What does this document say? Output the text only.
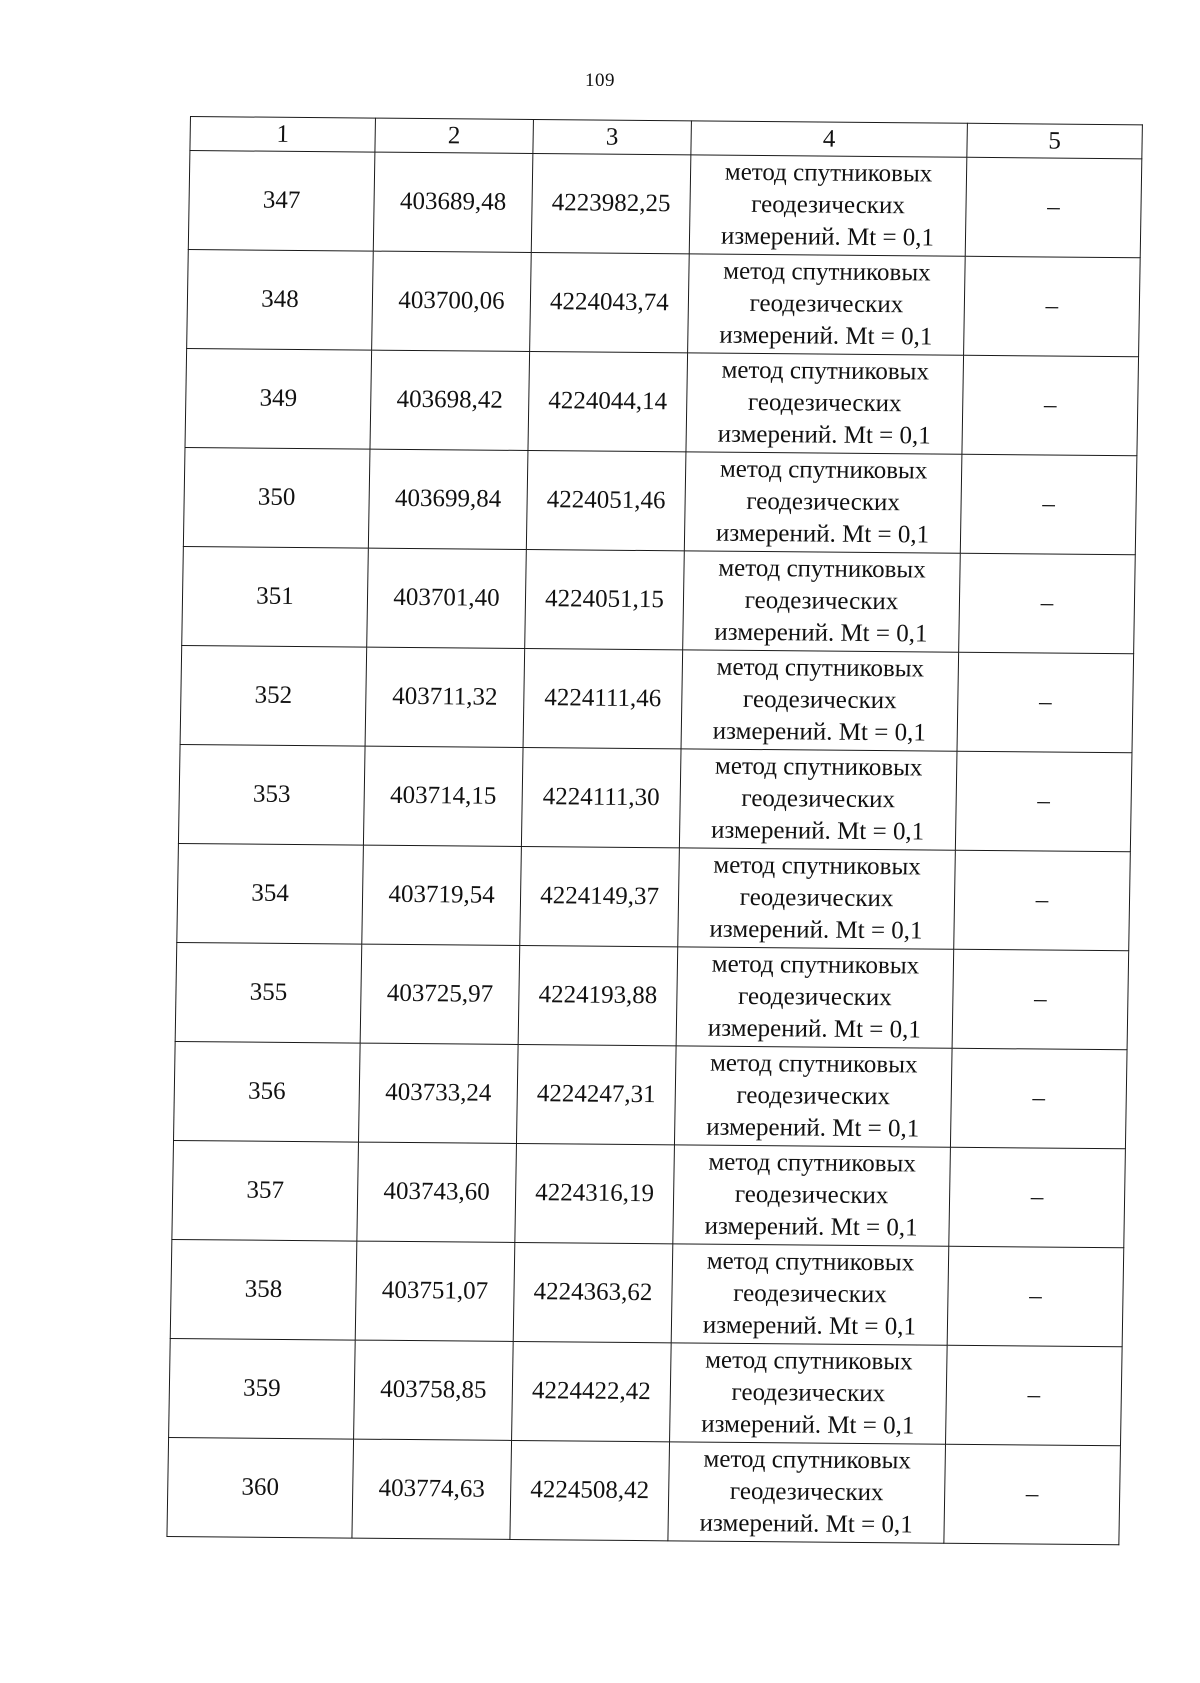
109
1	2	3	4	5
347	403689,48	4223982,25	метод спутниковых
геодезических
измерений. Mt = 0,1	–
348	403700,06	4224043,74	метод спутниковых
геодезических
измерений. Mt = 0,1	–
349	403698,42	4224044,14	метод спутниковых
геодезических
измерений. Mt = 0,1	–
350	403699,84	4224051,46	метод спутниковых
геодезических
измерений. Mt = 0,1	–
351	403701,40	4224051,15	метод спутниковых
геодезических
измерений. Mt = 0,1	–
352	403711,32	4224111,46	метод спутниковых
геодезических
измерений. Mt = 0,1	–
353	403714,15	4224111,30	метод спутниковых
геодезических
измерений. Mt = 0,1	–
354	403719,54	4224149,37	метод спутниковых
геодезических
измерений. Mt = 0,1	–
355	403725,97	4224193,88	метод спутниковых
геодезических
измерений. Mt = 0,1	–
356	403733,24	4224247,31	метод спутниковых
геодезических
измерений. Mt = 0,1	–
357	403743,60	4224316,19	метод спутниковых
геодезических
измерений. Mt = 0,1	–
358	403751,07	4224363,62	метод спутниковых
геодезических
измерений. Mt = 0,1	–
359	403758,85	4224422,42	метод спутниковых
геодезических
измерений. Mt = 0,1	–
360	403774,63	4224508,42	метод спутниковых
геодезических
измерений. Mt = 0,1	–
